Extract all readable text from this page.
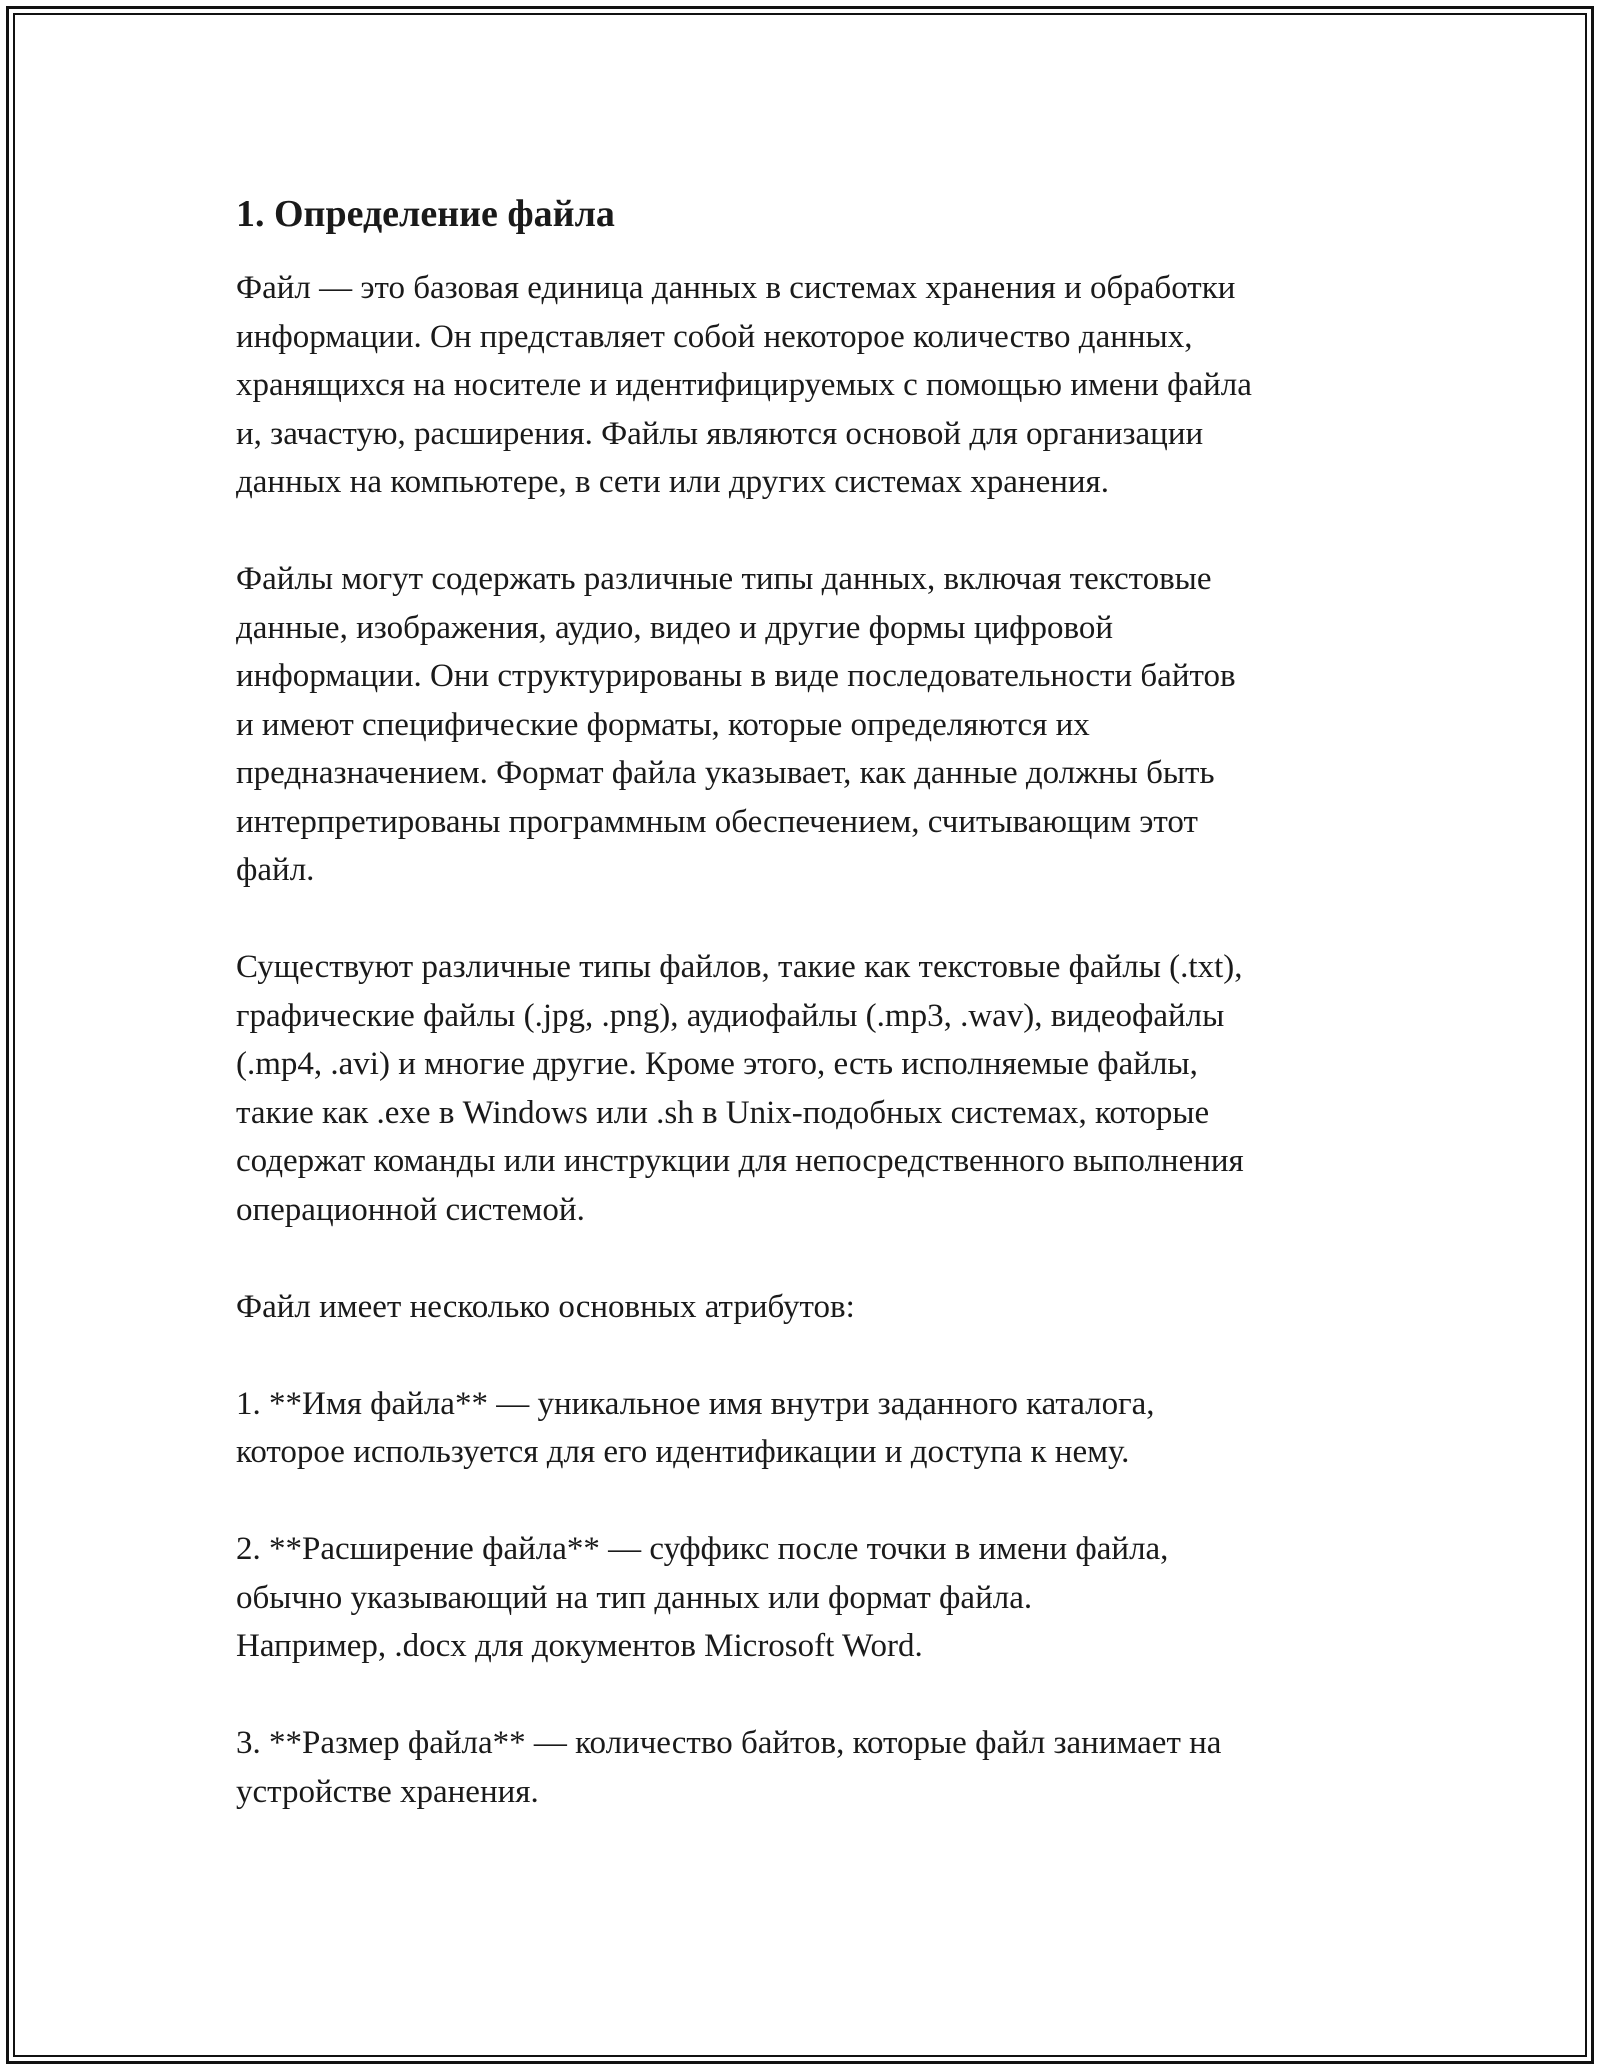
1. Определение файла

Файл — это базовая единица данных в системах хранения и обработки
информации. Он представляет собой некоторое количество данных,
хранящихся на носителе и идентифицируемых с помощью имени файла
и, зачастую, расширения. Файлы являются основой для организации
данных на компьютере, в сети или других системах хранения.

Файлы могут содержать различные типы данных, включая текстовые
данные, изображения, аудио, видео и другие формы цифровой
информации. Они структурированы в виде последовательности байтов
и имеют специфические форматы, которые определяются их
предназначением. Формат файла указывает, как данные должны быть
интерпретированы программным обеспечением, считывающим этот
файл.

Существуют различные типы файлов, такие как текстовые файлы (.txt),
графические файлы (.jpg, .png), аудиофайлы (.mp3, .wav), видеофайлы
(.mp4, .avi) и многие другие. Кроме этого, есть исполняемые файлы,
такие как .exe в Windows или .sh в Unix-подобных системах, которые
содержат команды или инструкции для непосредственного выполнения
операционной системой.

Файл имеет несколько основных атрибутов:

1. **Имя файла** — уникальное имя внутри заданного каталога,
которое используется для его идентификации и доступа к нему.

2. **Расширение файла** — суффикс после точки в имени файла,
обычно указывающий на тип данных или формат файла.
Например, .docx для документов Microsoft Word.

3. **Размер файла** — количество байтов, которые файл занимает на
устройстве хранения.
